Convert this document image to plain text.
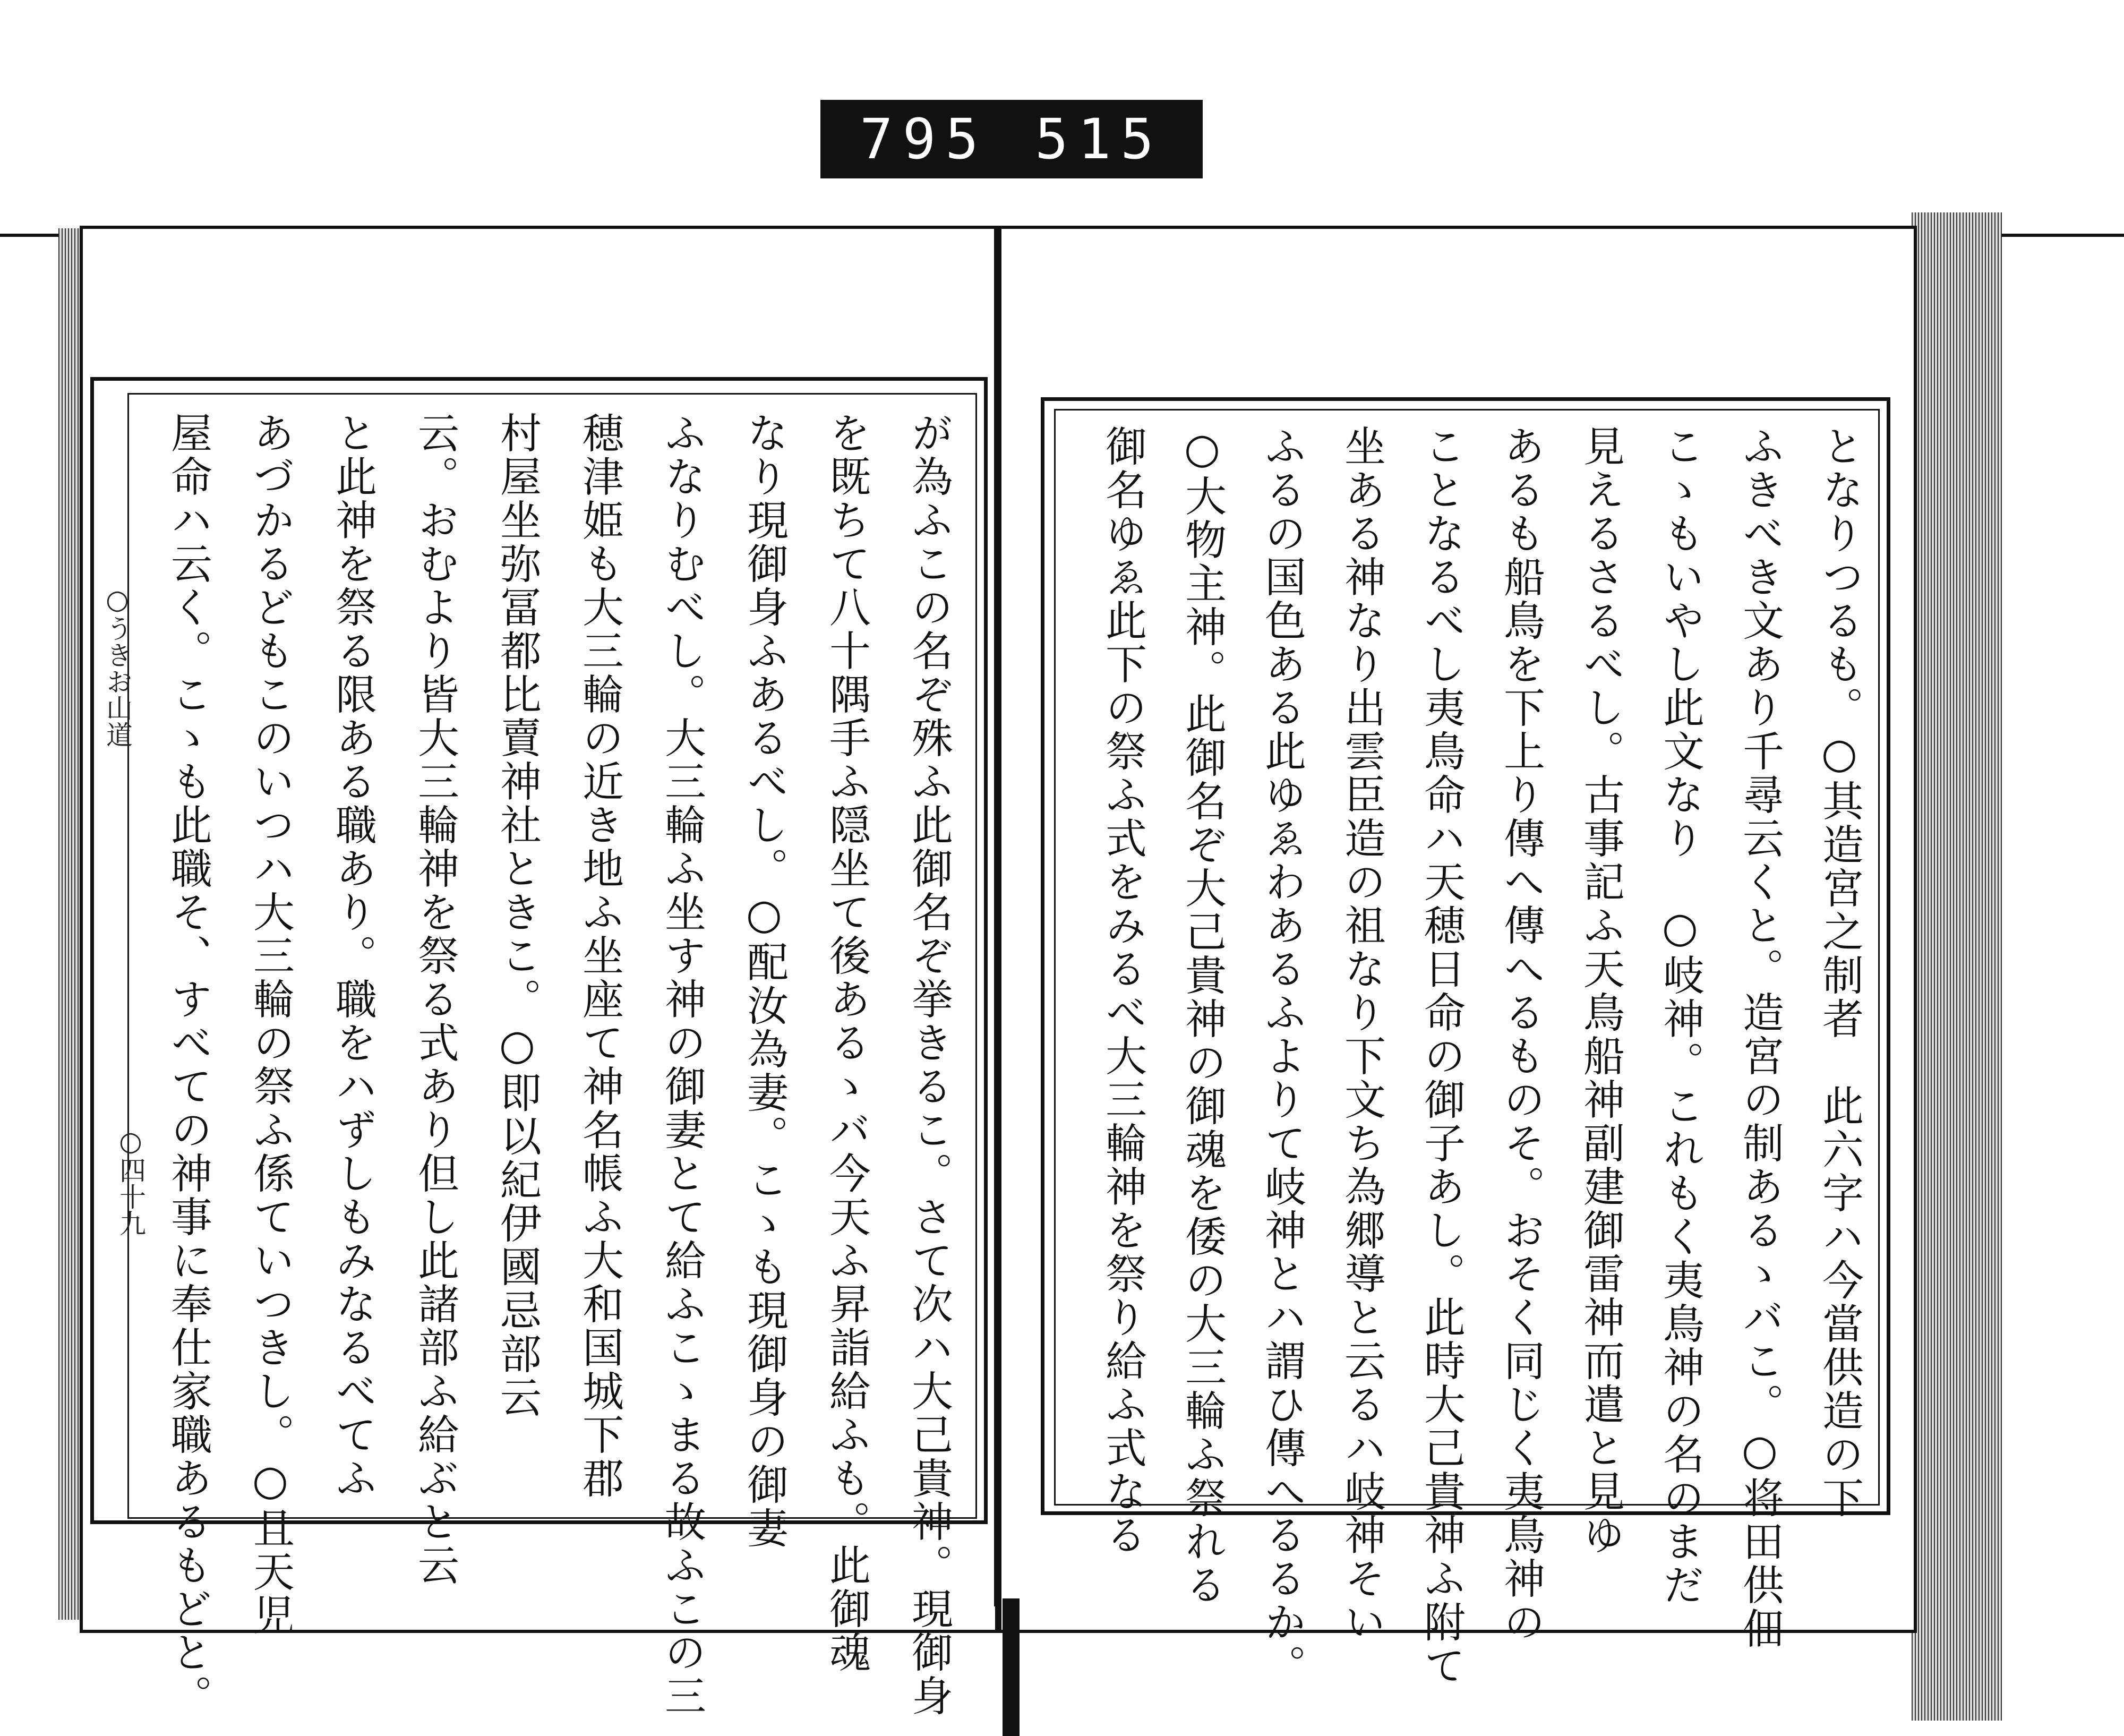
795 515
○うきお山道
○四十九	が為ふこの名ぞ殊ふ此御名ぞ挙きるこ。さて次ハ大己貴神。現御身
を既ちて八十隅手ふ隠坐て後あるゝバ今天ふ昇詣給ふも。此御魂
なり現御身ふあるべし。○配汝為妻。こゝも現御身の御妻
ふなりむべし。大三輪ふ坐す神の御妻とて給ふこゝまる故ふこの三
穂津姫も大三輪の近き地ふ坐座て神名帳ふ大和国城下郡
村屋坐弥冨都比賣神社ときこ。○即以紀伊國忌部云
云。おむより皆大三輪神を祭る式あり但し此諸部ふ給ぶと云
と此神を祭る限ある職あり。職をハずしもみなるべてふ
あづかるどもこのいつハ大三輪の祭ふ係ていつきし。○且天児
屋命ハ云く。こゝも此職そ、すべての神事に奉仕家職あるもどと。	となりつるも。○其造宮之制者　此六字ハ今當供造の下
ふきべき文あり千尋云くと。造宮の制あるゝバこ。○将田供佃
こゝもいやし此文なり　○岐神。これもく夷鳥神の名のまだ
見えるさるべし。古事記ふ天鳥船神副建御雷神而遣と見ゆ
あるも船鳥を下上り傳へ傳へるものそ。おそく同じく夷鳥神の
ことなるべし夷鳥命ハ天穂日命の御子あし。此時大己貴神ふ附て
坐ある神なり出雲臣造の祖なり下文ち為郷導と云るハ岐神そい
ふるの国色ある此ゆゑわあるふよりて岐神とハ謂ひ傳へるるか。
○大物主神。此御名ぞ大己貴神の御魂を倭の大三輪ふ祭れる
御名ゆゑ此下の祭ふ式をみるべ大三輪神を祭り給ふ式なる
